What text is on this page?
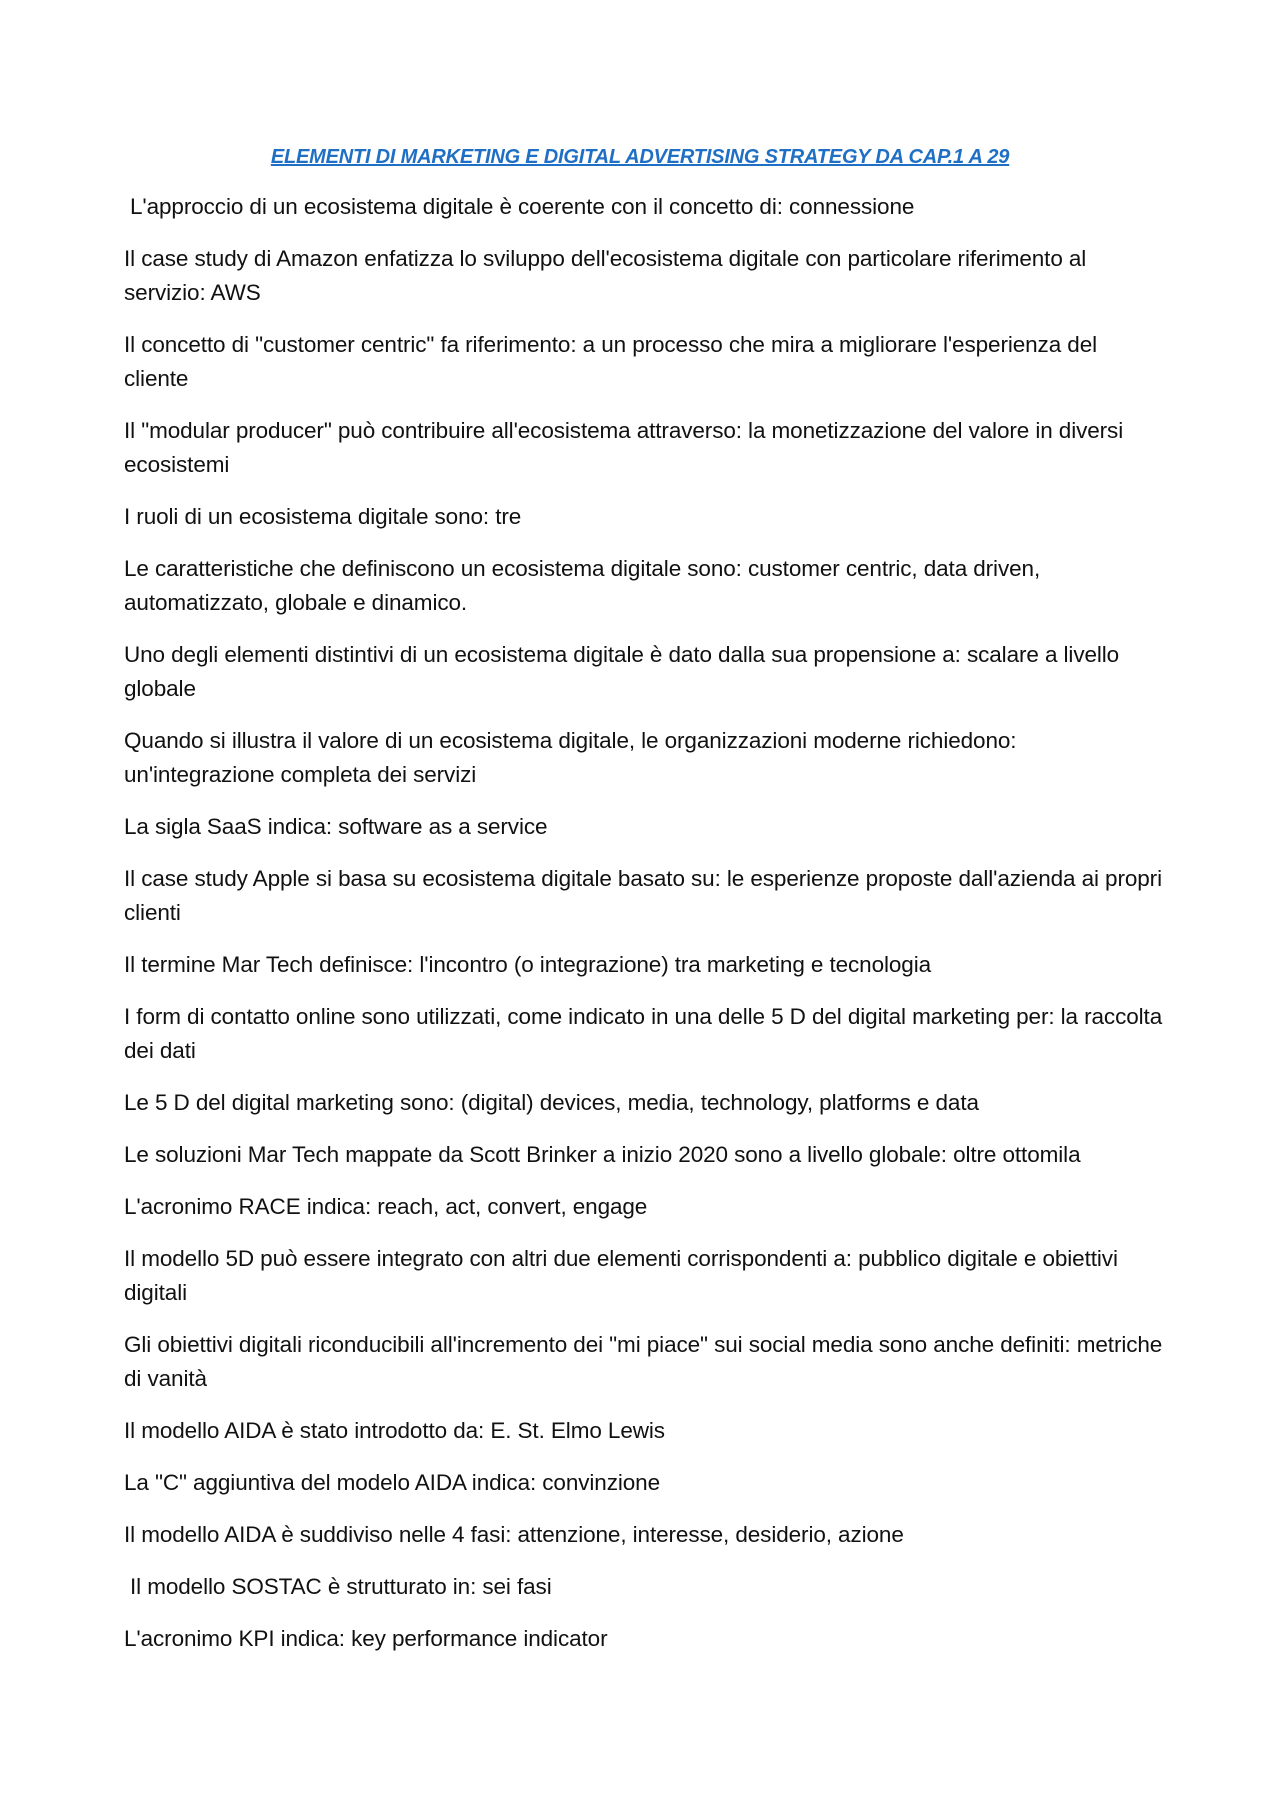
ELEMENTI DI MARKETING E DIGITAL ADVERTISING STRATEGY DA CAP.1 A 29

L'approccio di un ecosistema digitale è coerente con il concetto di: connessione

Il case study di Amazon enfatizza lo sviluppo dell'ecosistema digitale con particolare riferimento al servizio: AWS

Il concetto di "customer centric" fa riferimento: a un processo che mira a migliorare l'esperienza del cliente

Il "modular producer" può contribuire all'ecosistema attraverso: la monetizzazione del valore in diversi ecosistemi

I ruoli di un ecosistema digitale sono: tre

Le caratteristiche che definiscono un ecosistema digitale sono: customer centric, data driven, automatizzato, globale e dinamico.

Uno degli elementi distintivi di un ecosistema digitale è dato dalla sua propensione a: scalare a livello globale

Quando si illustra il valore di un ecosistema digitale, le organizzazioni moderne richiedono: un'integrazione completa dei servizi

La sigla SaaS indica: software as a service

Il case study Apple si basa su ecosistema digitale basato su: le esperienze proposte dall'azienda ai propri clienti

Il termine Mar Tech definisce: l'incontro (o integrazione) tra marketing e tecnologia

I form di contatto online sono utilizzati, come indicato in una delle 5 D del digital marketing per: la raccolta dei dati

Le 5 D del digital marketing sono: (digital) devices, media, technology, platforms e data

Le soluzioni Mar Tech mappate da Scott Brinker a inizio 2020 sono a livello globale: oltre ottomila

L'acronimo RACE indica: reach, act, convert, engage

Il modello 5D può essere integrato con altri due elementi corrispondenti a: pubblico digitale e obiettivi digitali

Gli obiettivi digitali riconducibili all'incremento dei "mi piace" sui social media sono anche definiti: metriche di vanità

Il modello AIDA è stato introdotto da: E. St. Elmo Lewis

La "C" aggiuntiva del modelo AIDA indica: convinzione

Il modello AIDA è suddiviso nelle 4 fasi: attenzione, interesse, desiderio, azione

Il modello SOSTAC è strutturato in: sei fasi

L'acronimo KPI indica: key performance indicator
